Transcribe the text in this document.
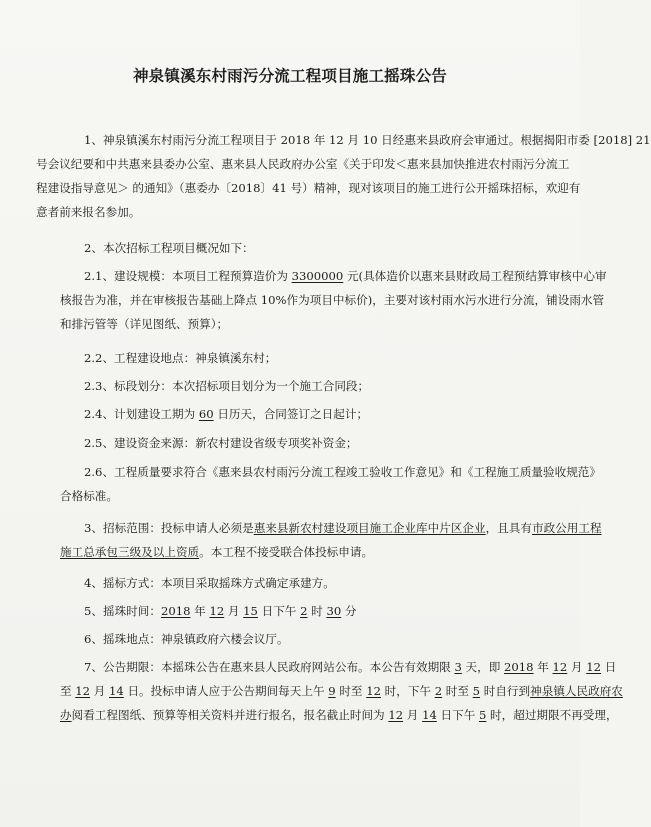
神泉镇溪东村雨污分流工程项目施工摇珠公告

1、神泉镇溪东村雨污分流工程项目于 2018 年 12 月 10 日经惠来县政府会审通过。根据揭阳市委 [2018] 21
号会议纪要和中共惠来县委办公室、惠来县人民政府办公室《关于印发＜惠来县加快推进农村雨污分流工
程建设指导意见＞ 的通知》（惠委办〔2018〕41 号）精神，现对该项目的施工进行公开摇珠招标，欢迎有
意者前来报名参加。

2、本次招标工程项目概况如下：

2.1、建设规模：本项目工程预算造价为 3300000 元(具体造价以惠来县财政局工程预结算审核中心审
核报告为准，并在审核报告基础上降点 10%作为项目中标价)，主要对该村雨水污水进行分流，铺设雨水管
和排污管等（详见图纸、预算）；

2.2、工程建设地点：神泉镇溪东村；

2.3、标段划分：本次招标项目划分为一个施工合同段；

2.4、计划建设工期为 60 日历天，合同签订之日起计；

2.5、建设资金来源：新农村建设省级专项奖补资金；

2.6、工程质量要求符合《惠来县农村雨污分流工程竣工验收工作意见》和《工程施工质量验收规范》
合格标准。

3、招标范围：投标申请人必须是惠来县新农村建设项目施工企业库中片区企业，且具有市政公用工程
施工总承包三级及以上资质。本工程不接受联合体投标申请。

4、摇标方式：本项目采取摇珠方式确定承建方。

5、摇珠时间：2018 年 12 月 15 日下午 2 时 30 分

6、摇珠地点：神泉镇政府六楼会议厅。

7、公告期限：本摇珠公告在惠来县人民政府网站公布。本公告有效期限 3 天，即 2018 年 12 月 12 日
至 12 月 14 日。投标申请人应于公告期间每天上午 9 时至 12 时，下午 2 时至 5 时自行到神泉镇人民政府农
办阅看工程图纸、预算等相关资料并进行报名，报名截止时间为 12 月 14 日下午 5 时，超过期限不再受理，
